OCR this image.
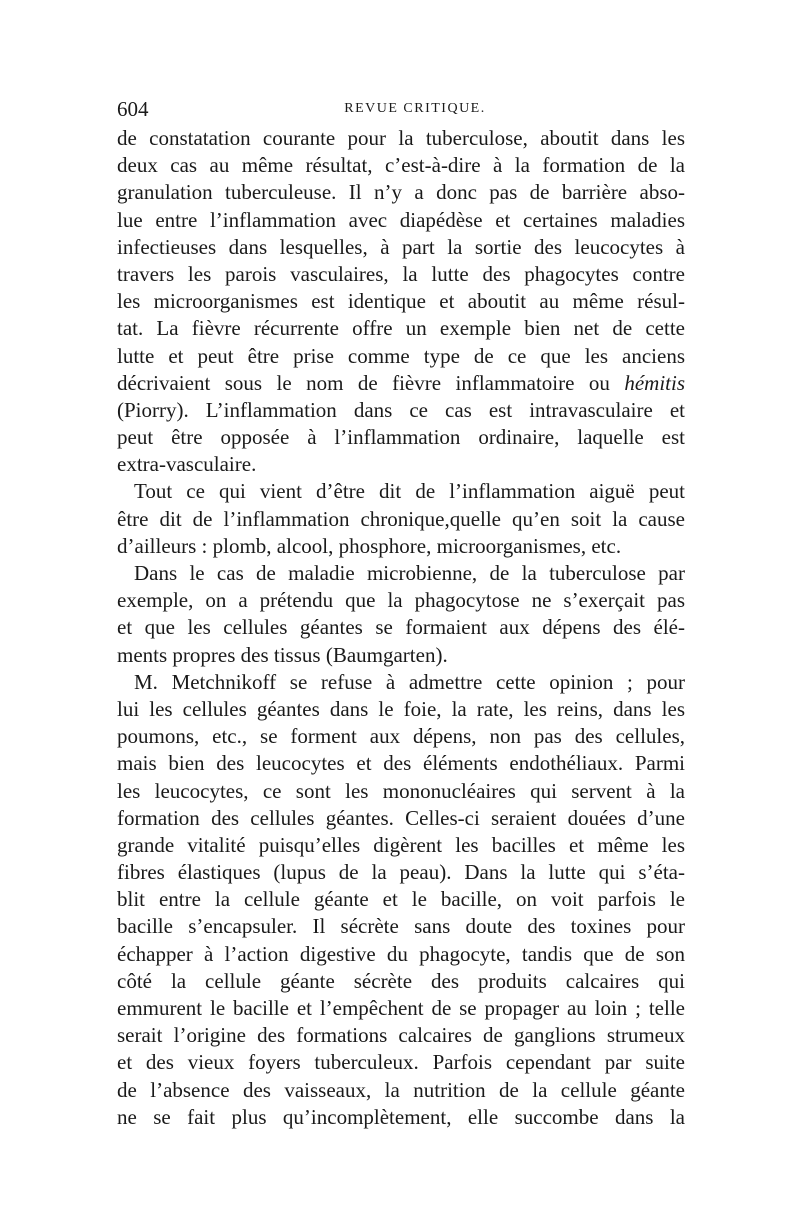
604	REVUE CRITIQUE.
de constatation courante pour la tuberculose, aboutit dans les
deux cas au même résultat, c’est-à-dire à la formation de la
granulation tuberculeuse. Il n’y a donc pas de barrière abso-
lue entre l’inflammation avec diapédèse et certaines maladies
infectieuses dans lesquelles, à part la sortie des leucocytes à
travers les parois vasculaires, la lutte des phagocytes contre
les microorganismes est identique et aboutit au même résul-
tat. La fièvre récurrente offre un exemple bien net de cette
lutte et peut être prise comme type de ce que les anciens
décrivaient sous le nom de fièvre inflammatoire ou hémitis
(Piorry). L’inflammation dans ce cas est intravasculaire et
peut être opposée à l’inflammation ordinaire, laquelle est
extra-vasculaire.
Tout ce qui vient d’être dit de l’inflammation aiguë peut
être dit de l’inflammation chronique,quelle qu’en soit la cause
d’ailleurs : plomb, alcool, phosphore, microorganismes, etc.
Dans le cas de maladie microbienne, de la tuberculose par
exemple, on a prétendu que la phagocytose ne s’exerçait pas
et que les cellules géantes se formaient aux dépens des élé-
ments propres des tissus (Baumgarten).
M. Metchnikoff se refuse à admettre cette opinion ; pour
lui les cellules géantes dans le foie, la rate, les reins, dans les
poumons, etc., se forment aux dépens, non pas des cellules,
mais bien des leucocytes et des éléments endothéliaux. Parmi
les leucocytes, ce sont les mononucléaires qui servent à la
formation des cellules géantes. Celles-ci seraient douées d’une
grande vitalité puisqu’elles digèrent les bacilles et même les
fibres élastiques (lupus de la peau). Dans la lutte qui s’éta-
blit entre la cellule géante et le bacille, on voit parfois le
bacille s’encapsuler. Il sécrète sans doute des toxines pour
échapper à l’action digestive du phagocyte, tandis que de son
côté la cellule géante sécrète des produits calcaires qui
emmurent le bacille et l’empêchent de se propager au loin ; telle
serait l’origine des formations calcaires de ganglions strumeux
et des vieux foyers tuberculeux. Parfois cependant par suite
de l’absence des vaisseaux, la nutrition de la cellule géante
ne se fait plus qu’incomplètement, elle succombe dans la
